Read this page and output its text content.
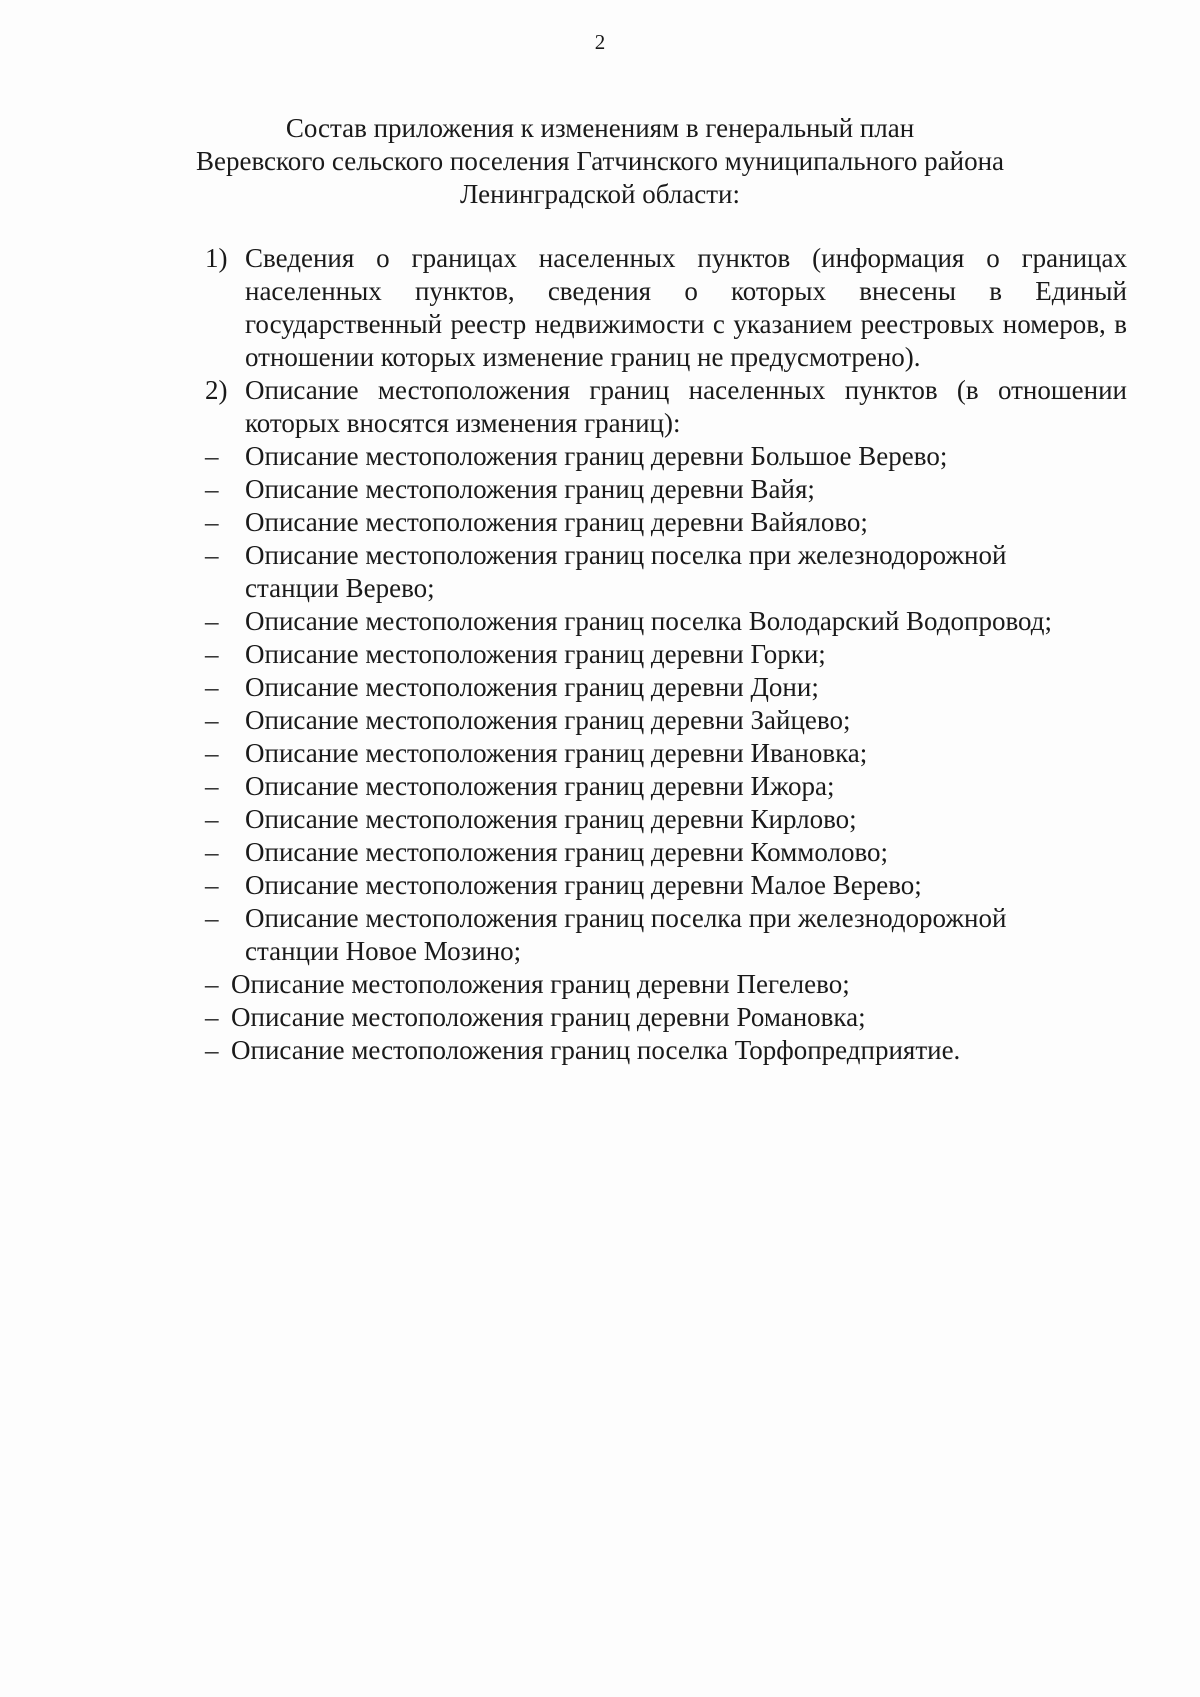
2
Состав приложения к изменениям в генеральный план
Веревского сельского поселения Гатчинского муниципального района
Ленинградской области:
1) Сведения о границах населенных пунктов (информация о границах населенных пунктов, сведения о которых внесены в Единый государственный реестр недвижимости с указанием реестровых номеров, в отношении которых изменение границ не предусмотрено).
2) Описание местоположения границ населенных пунктов (в отношении которых вносятся изменения границ):
– Описание местоположения границ деревни Большое Верево;
– Описание местоположения границ деревни Вайя;
– Описание местоположения границ деревни Вайялово;
– Описание местоположения границ поселка при железнодорожной станции Верево;
– Описание местоположения границ поселка Володарский Водопровод;
– Описание местоположения границ деревни Горки;
– Описание местоположения границ деревни Дони;
– Описание местоположения границ деревни Зайцево;
– Описание местоположения границ деревни Ивановка;
– Описание местоположения границ деревни Ижора;
– Описание местоположения границ деревни Кирлово;
– Описание местоположения границ деревни Коммолово;
– Описание местоположения границ деревни Малое Верево;
– Описание местоположения границ поселка при железнодорожной станции Новое Мозино;
– Описание местоположения границ деревни Пегелево;
– Описание местоположения границ деревни Романовка;
– Описание местоположения границ поселка Торфопредприятие.
